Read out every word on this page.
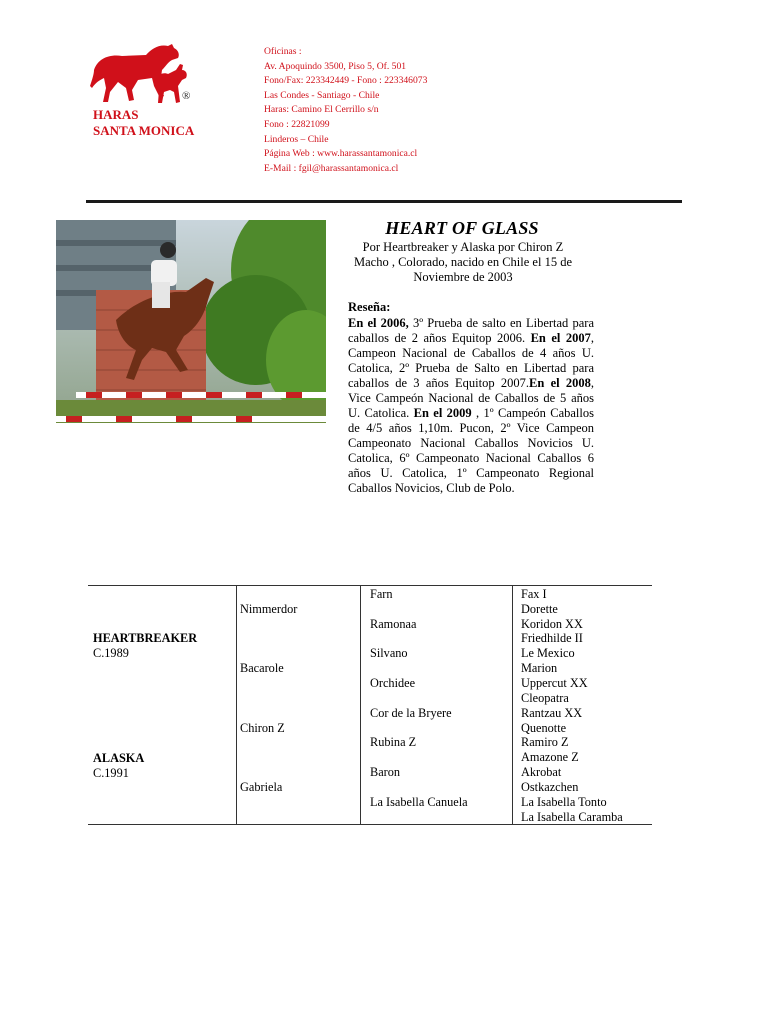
®
HARAS
SANTA MONICA
Oficinas :
Av. Apoquindo 3500, Piso 5, Of. 501
Fono/Fax: 223342449 - Fono : 223346073
Las Condes - Santiago - Chile
Haras: Camino El Cerrillo s/n
Fono : 22821099
Linderos – Chile
Página Web : www.harassantamonica.cl
E-Mail : fgil@harassantamonica.cl
HEART OF GLASS
Por Heartbreaker y Alaska por Chiron Z
Macho , Colorado, nacido en Chile el 15 de
Noviembre de 2003
Reseña:
En el 2006, 3º Prueba de salto en Libertad para caballos de 2 años Equitop 2006. En el 2007, Campeon Nacional de Caballos de 4 años U. Catolica, 2º Prueba de Salto en Libertad para caballos de 3 años Equitop 2007.En el 2008, Vice Campeón Nacional de Caballos de 5 años U. Catolica. En el 2009 , 1º Campeón Caballos de 4/5 años 1,10m. Pucon, 2º Vice Campeon Campeonato Nacional Caballos Novicios U. Catolica, 6º Campeonato Nacional Caballos 6 años U. Catolica, 1º Campeonato Regional Caballos Novicios, Club de Polo.
HEARTBREAKER
C.1989
ALASKA
C.1991
Nimmerdor
Bacarole
Chiron Z
Gabriela
Farn
Ramonaa
Silvano
Orchidee
Cor de la Bryere
Rubina Z
Baron
La Isabella Canuela
Fax I
Dorette
Koridon XX
Friedhilde II
Le Mexico
Marion
Uppercut XX
Cleopatra
Rantzau XX
Quenotte
Ramiro Z
Amazone Z
Akrobat
Ostkazchen
La Isabella Tonto
La Isabella Caramba
